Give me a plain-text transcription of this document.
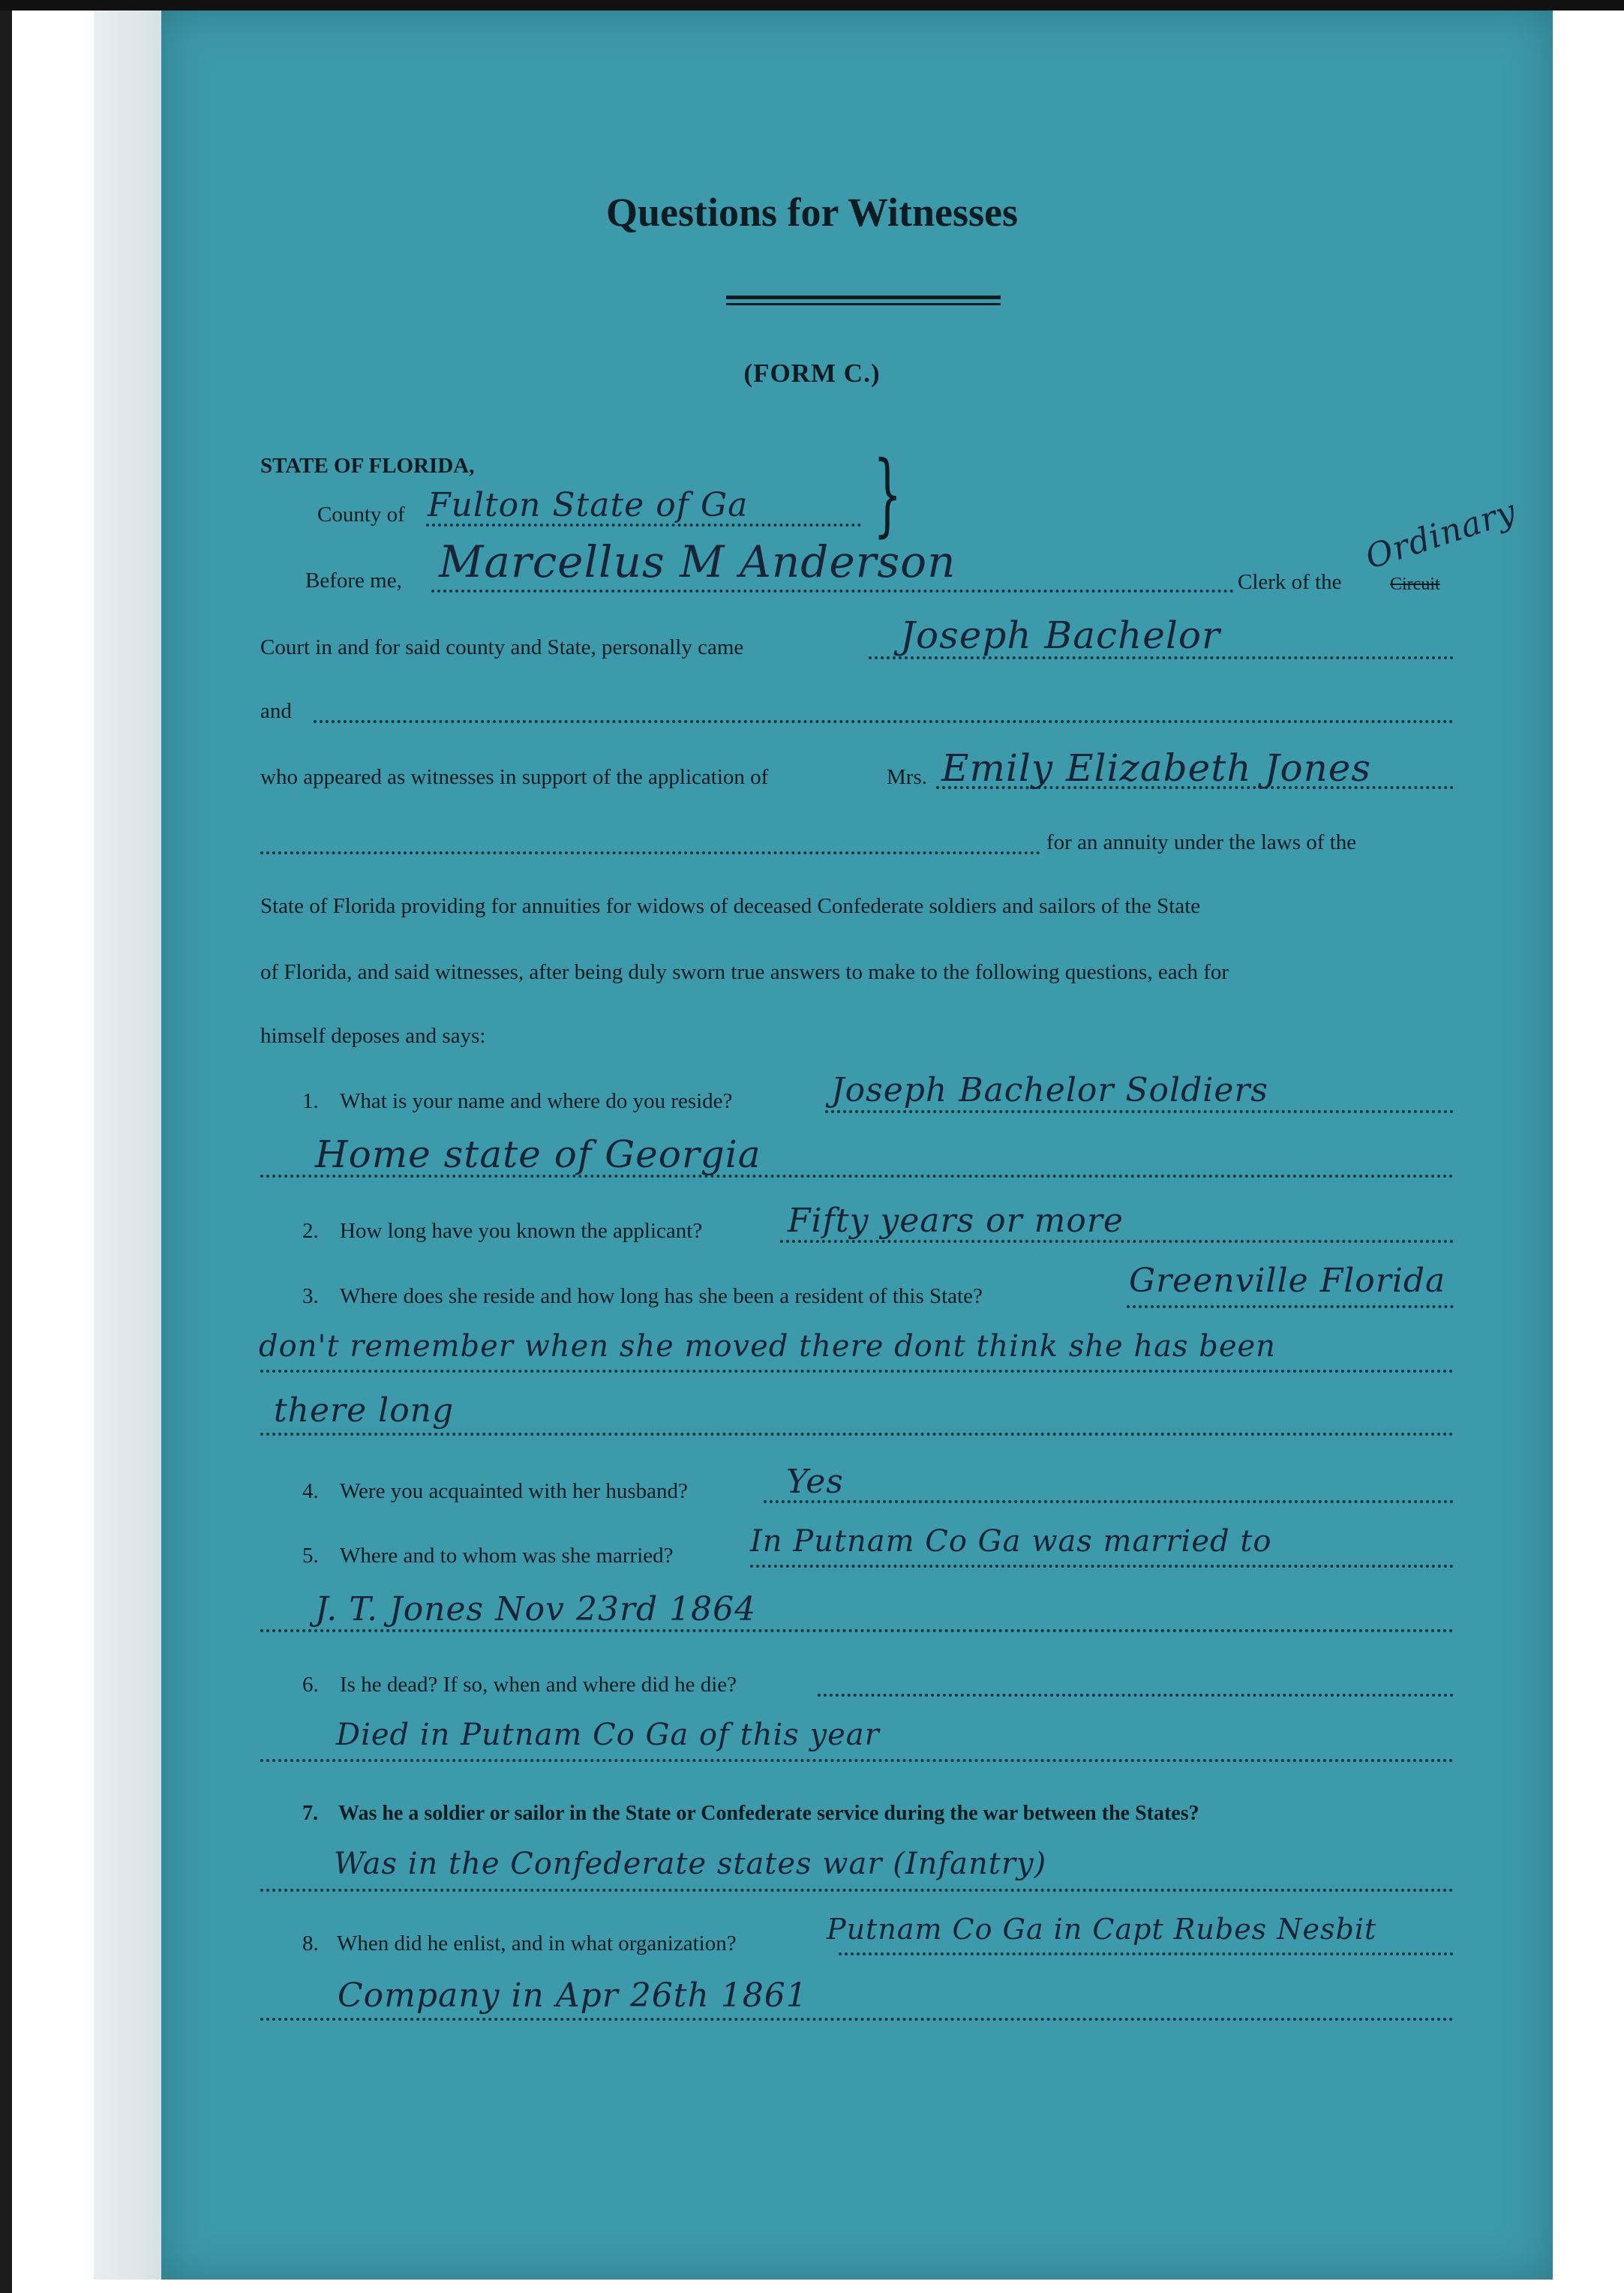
Questions for Witnesses
(FORM C.)
STATE OF FLORIDA,
County of Fulton State of Ga }
Before me, Marcellus M Anderson	Clerk of the	Circuit
Ordinary
Court in and for said county and State, personally came	Joseph Bachelor
and
who appeared as witnesses in support of the application of	Mrs. Emily Elizabeth Jones
for an annuity under the laws of the
State of Florida providing for annuities for widows of deceased Confederate soldiers and sailors of the State
of Florida, and said witnesses, after being duly sworn true answers to make to the following questions, each for
himself deposes and says:
1. What is your name and where do you reside?	Joseph Bachelor Soldiers
Home state of Georgia
2. How long have you known the applicant?	Fifty years or more
3. Where does she reside and how long has she been a resident of this State?	Greenville Florida
don't remember when she moved there dont think she has been
there long
4. Were you acquainted with her husband?	Yes
5. Where and to whom was she married?	In Putnam Co Ga was married to
J. T. Jones Nov 23rd 1864
6. Is he dead? If so, when and where did he die?
Died in Putnam Co Ga of this year
7. Was he a soldier or sailor in the State or Confederate service during the war between the States?
Was in the Confederate states war (Infantry)
8. When did he enlist, and in what organization?	Putnam Co Ga in Capt Rubes Nesbit
Company in Apr 26th 1861
